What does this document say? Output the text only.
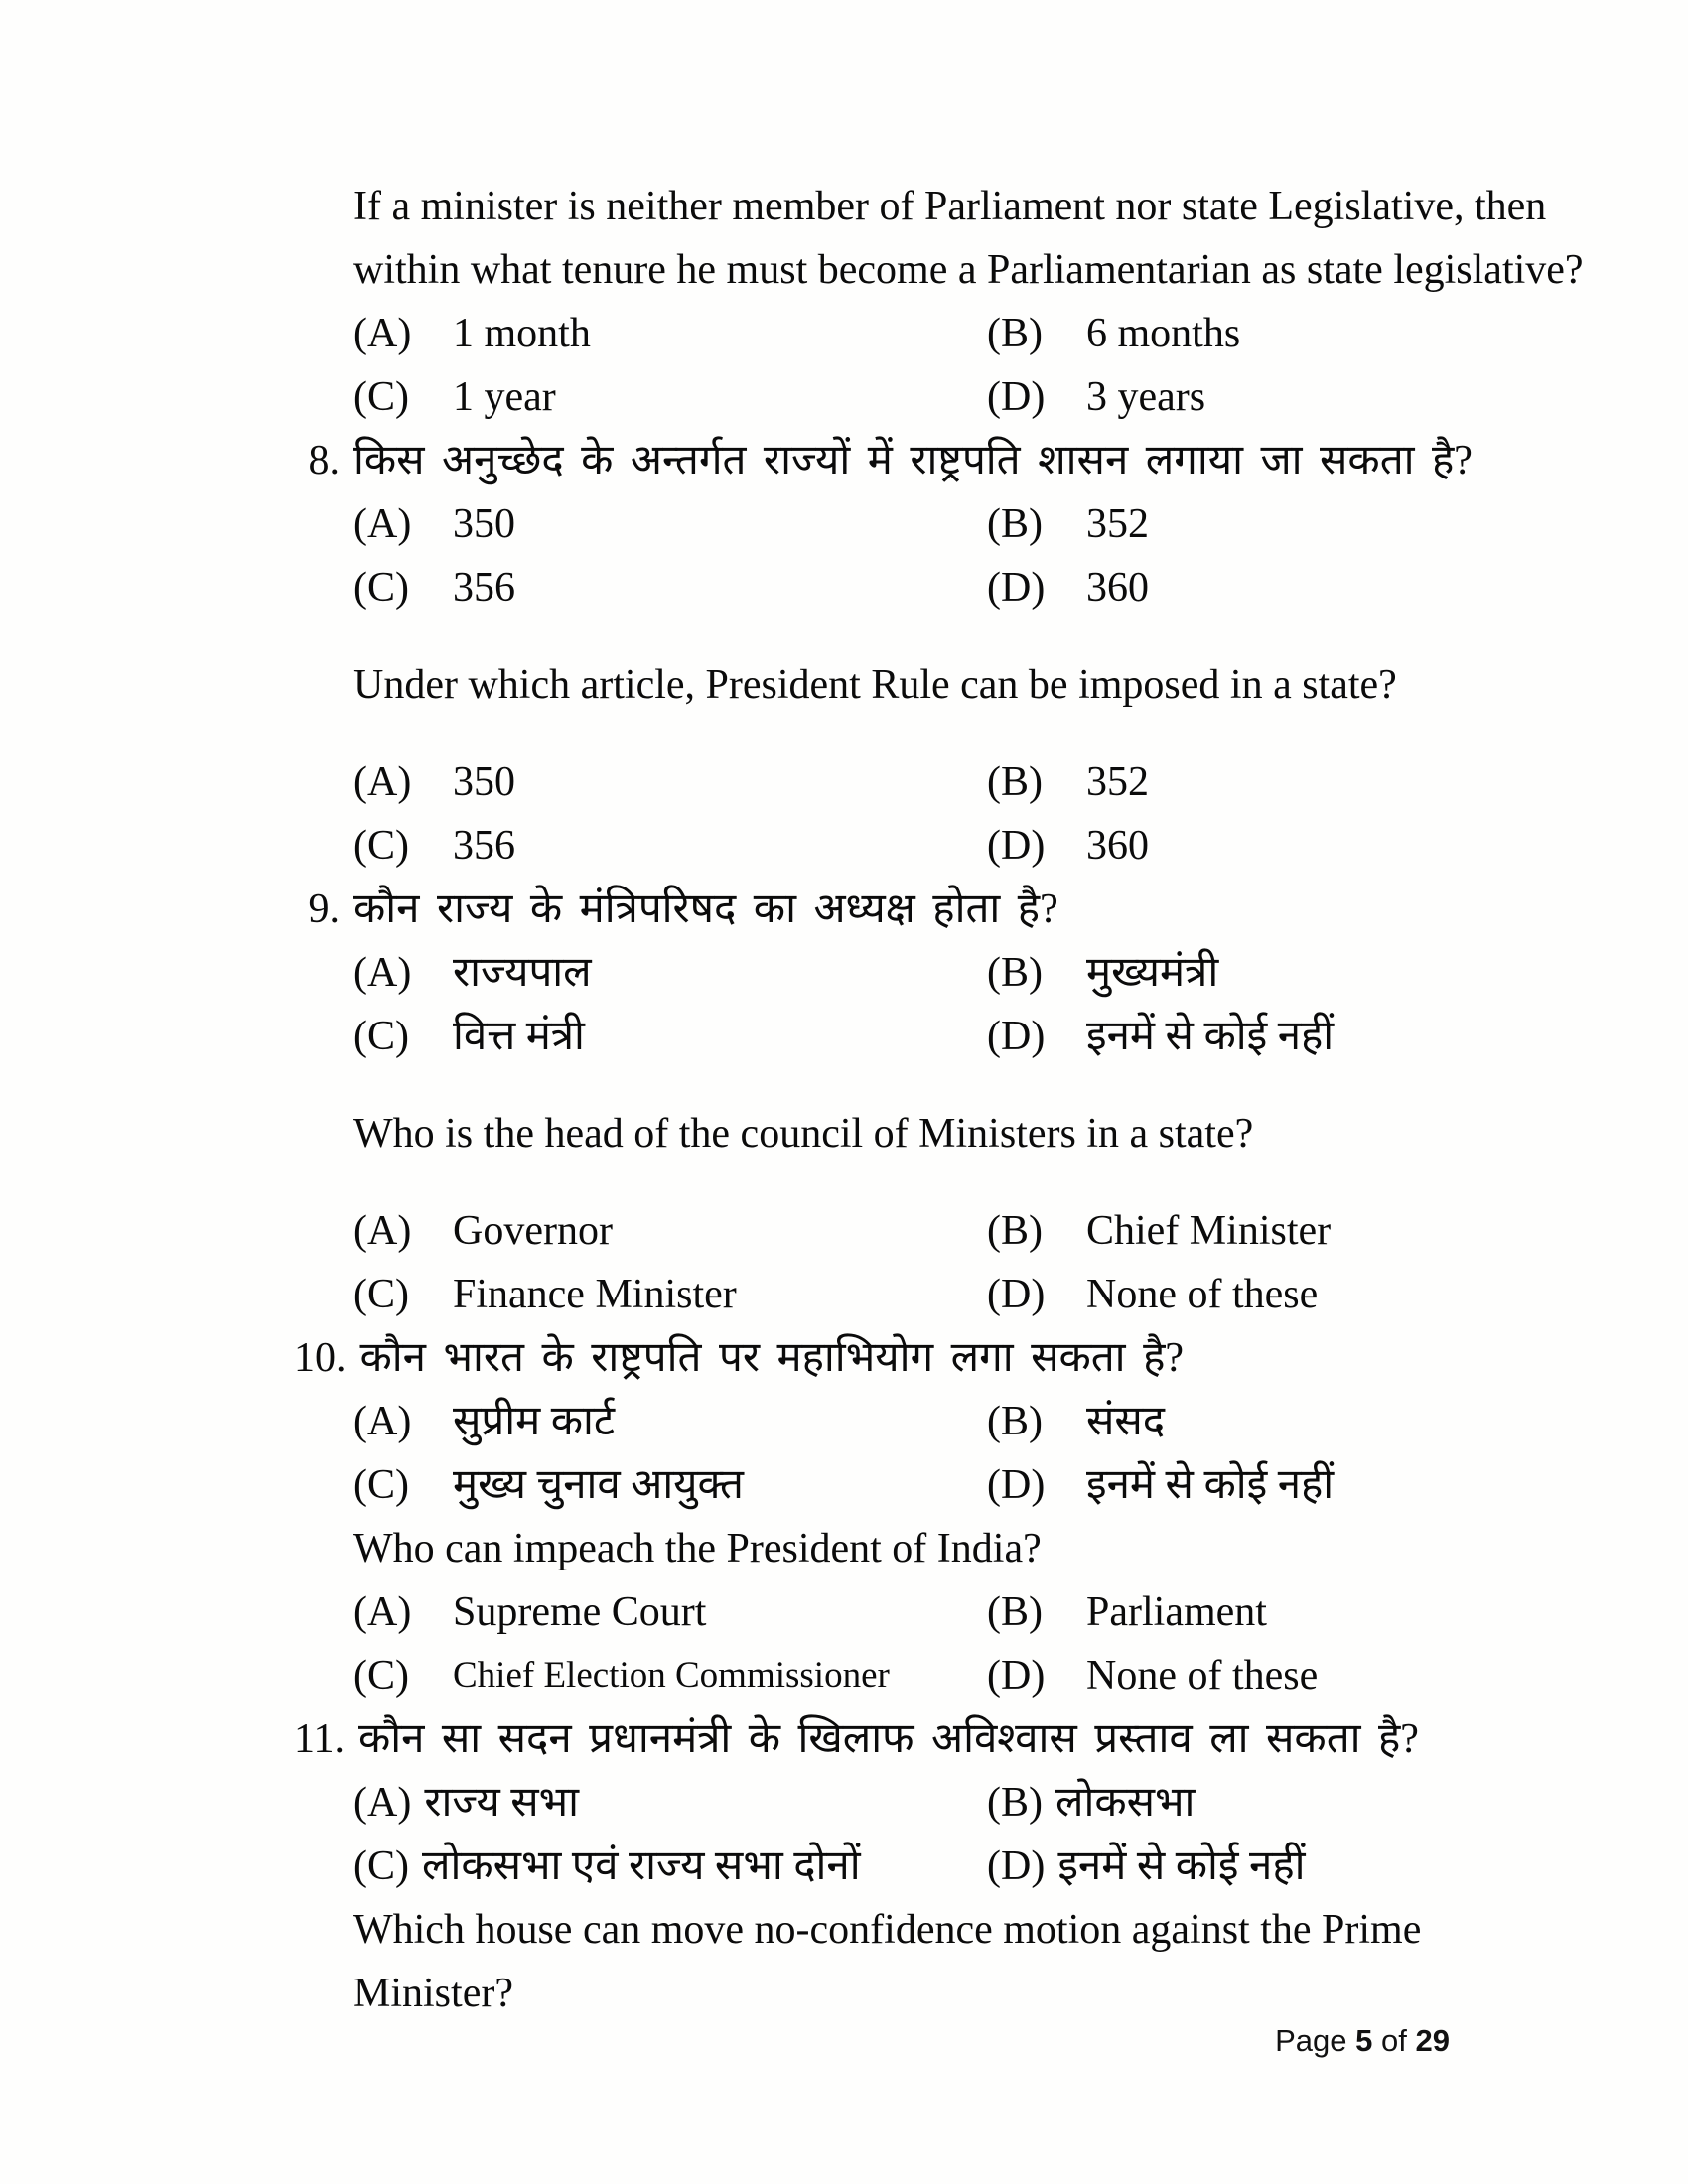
If a minister is neither member of Parliament nor state Legislative, then
within what tenure he must become a Parliamentarian as state legislative?
(A) 1 month	(B)	6 months
(C)	1 year	(D) 3 years
8. किस अनुच्छेद के अन्तर्गत राज्यों में राष्ट्रपति शासन लगाया जा सकता है?
(A) 350	(B)	352
(C)	356	(D) 360
Under which article, President Rule can be imposed in a state?
(A) 350	(B)	352
(C)	356	(D) 360
9. कौन राज्य के मंत्रिपरिषद का अध्यक्ष होता है?
(A) राज्यपाल	(B)	मुख्यमंत्री
(C)	वित्त मंत्री	(D) इनमें से कोई नहीं
Who is the head of the council of Ministers in a state?
(A) Governor	(B)	Chief Minister
(C)	Finance Minister	(D) None of these
10. कौन भारत के राष्ट्रपति पर महाभियोग लगा सकता है?
(A) सुप्रीम कार्ट	(B)	संसद
(C)	मुख्य चुनाव आयुक्त	(D) इनमें से कोई नहीं
Who can impeach the President of India?
(A) Supreme Court	(B)	Parliament
(C)	Chief Election Commissioner (D) None of these
11. कौन सा सदन प्रधानमंत्री के खिलाफ अविश्वास प्रस्ताव ला सकता है?
(A) राज्य सभा	(B) लोकसभा
(C) लोकसभा एवं राज्य सभा दोनों	(D) इनमें से कोई नहीं
Which house can move no-confidence motion against the Prime
Minister?
Page 5 of 29
